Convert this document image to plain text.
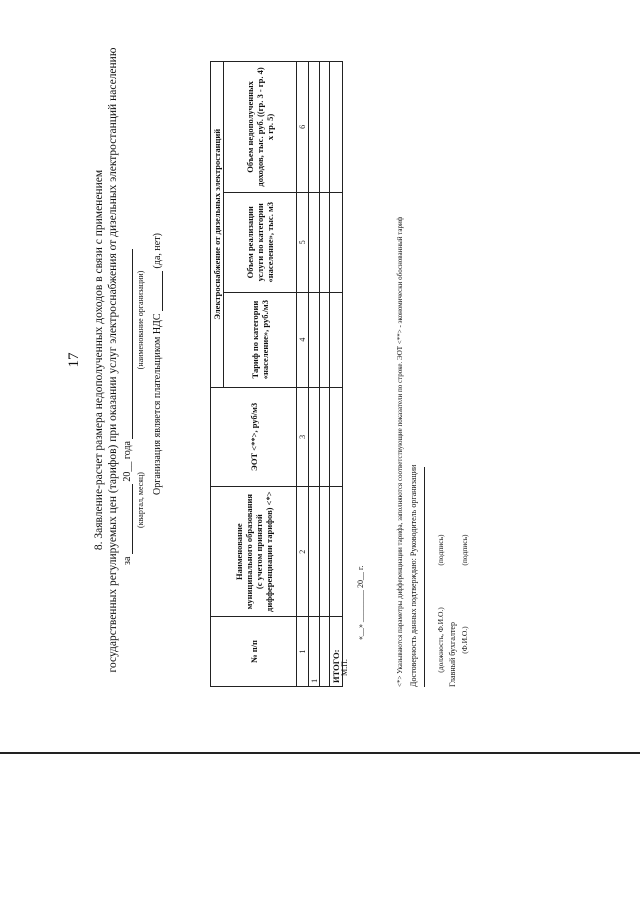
17 8. Заявление-расчет размера недополученных доходов в связи с применением государственных регулируемых цен (тарифов) при оказании услуг электроснабжения от дизельных электростанций населению за  20__ года
(квартал, месяц)
(наименование организации) Организация является плательщиком НДС  (да, нет)
№ п/п	Наименование муниципального образования (с учетом принятой дифференциации тарифов) <*>	ЭОТ <**>, руб/м3	Электроснабжение от дизельных электростанций		
			Тариф по категории «население», руб./м3	Объем реализации услуги по категории «население», тыс. м3	Объем недополученных доходов, тыс. руб. ((гр. 3 - гр. 4) x гр. 5)
1	2	3	4	5	6
1					

ИТОГО:						<*> Указываются параметры дифференциации тарифа, заполняются соответствующие показатели по строке. ЭОТ <**> - экономически обоснованный тариф Достоверность данных подтверждаю: Руководитель организации (должность, Ф.И.О.)
(подпись)
Главный бухгалтер (Ф.И.О.)
(подпись)
М.П.
«__» ________ 20__ г.
